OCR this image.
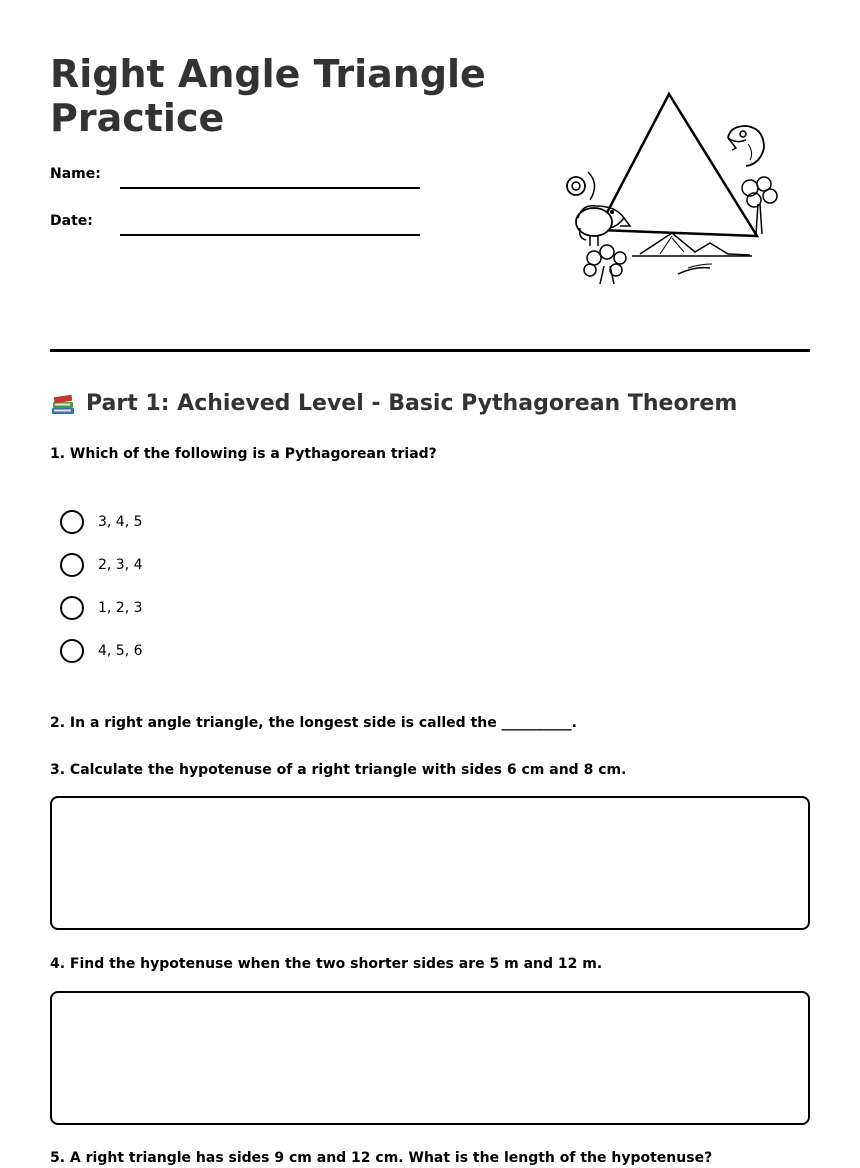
Right Angle Triangle Practice
Name:
Date:
Part 1: Achieved Level - Basic Pythagorean Theorem
1. Which of the following is a Pythagorean triad?
3, 4, 5
2, 3, 4
1, 2, 3
4, 5, 6
2. In a right angle triangle, the longest side is called the __________.
3. Calculate the hypotenuse of a right triangle with sides 6 cm and 8 cm.
4. Find the hypotenuse when the two shorter sides are 5 m and 12 m.
5. A right triangle has sides 9 cm and 12 cm. What is the length of the hypotenuse?
